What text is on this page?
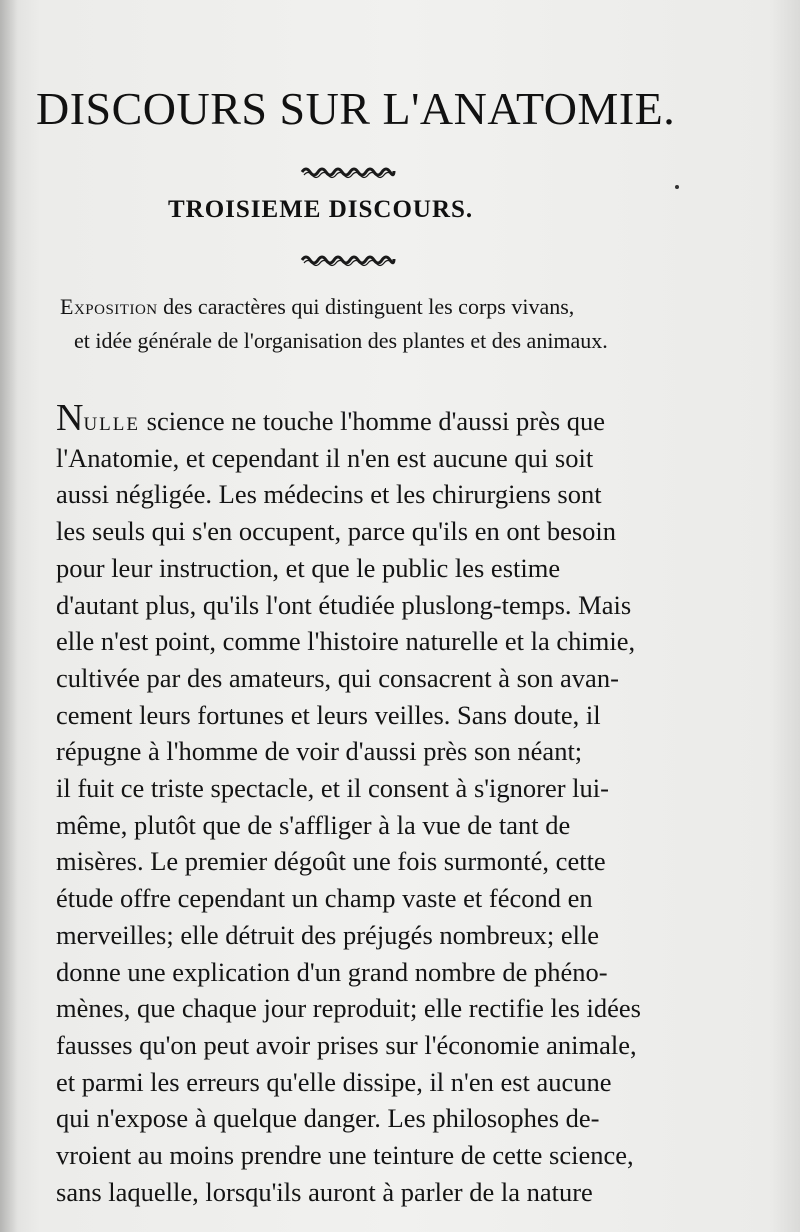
DISCOURS SUR L'ANATOMIE.
TROISIEME DISCOURS.

Exposition des caractères qui distinguent les corps vivans,
et idée générale de l'organisation des plantes et des animaux.

Nulle science ne touche l'homme d'aussi près que
l'Anatomie, et cependant il n'en est aucune qui soit
aussi négligée. Les médecins et les chirurgiens sont
les seuls qui s'en occupent, parce qu'ils en ont besoin
pour leur instruction, et que le public les estime
d'autant plus, qu'ils l'ont étudiée pluslong-temps. Mais
elle n'est point, comme l'histoire naturelle et la chimie,
cultivée par des amateurs, qui consacrent à son avan-
cement leurs fortunes et leurs veilles. Sans doute, il
répugne à l'homme de voir d'aussi près son néant;
il fuit ce triste spectacle, et il consent à s'ignorer lui-
même, plutôt que de s'affliger à la vue de tant de
misères. Le premier dégoût une fois surmonté, cette
étude offre cependant un champ vaste et fécond en
merveilles; elle détruit des préjugés nombreux; elle
donne une explication d'un grand nombre de phéno-
mènes, que chaque jour reproduit; elle rectifie les idées
fausses qu'on peut avoir prises sur l'économie animale,
et parmi les erreurs qu'elle dissipe, il n'en est aucune
qui n'expose à quelque danger. Les philosophes de-
vroient au moins prendre une teinture de cette science,
sans laquelle, lorsqu'ils auront à parler de la nature
